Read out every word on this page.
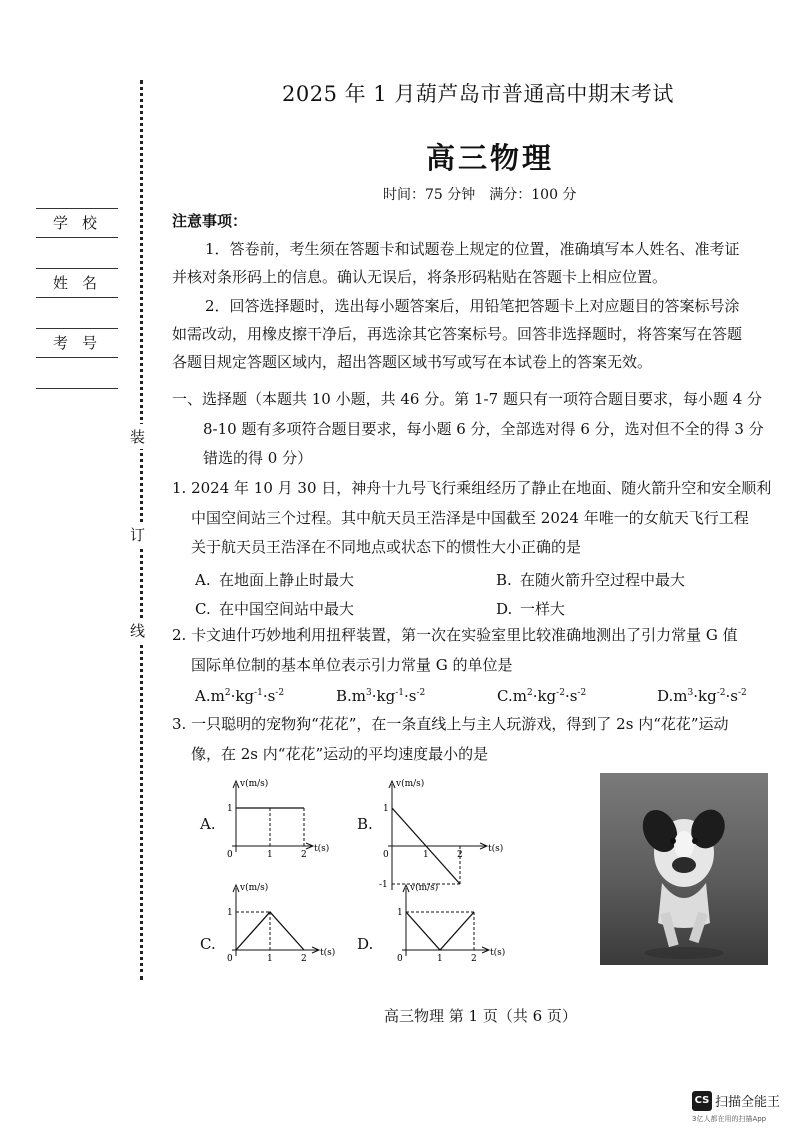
装
订
线
学校
姓名
考号
2025 年 1 月葫芦岛市普通高中期末考试
高三物理
时间：75 分钟　满分：100 分
注意事项：
1．答卷前，考生须在答题卡和试题卷上规定的位置，准确填写本人姓名、准考证
并核对条形码上的信息。确认无误后，将条形码粘贴在答题卡上相应位置。
2．回答选择题时，选出每小题答案后，用铅笔把答题卡上对应题目的答案标号涂
如需改动，用橡皮擦干净后，再选涂其它答案标号。回答非选择题时，将答案写在答题
各题目规定答题区域内，超出答题区域书写或写在本试卷上的答案无效。
一、选择题（本题共 10 小题，共 46 分。第 1-7 题只有一项符合题目要求，每小题 4 分
8-10 题有多项符合题目要求，每小题 6 分，全部选对得 6 分，选对但不全的得 3 分
错选的得 0 分）
1. 2024 年 10 月 30 日，神舟十九号飞行乘组经历了静止在地面、随火箭升空和安全顺利
中国空间站三个过程。其中航天员王浩泽是中国截至 2024 年唯一的女航天飞行工程
关于航天员王浩泽在不同地点或状态下的惯性大小正确的是
A. 在地面上静止时最大	B. 在随火箭升空过程中最大
C. 在中国空间站中最大	D. 一样大
2. 卡文迪什巧妙地利用扭秤装置，第一次在实验室里比较准确地测出了引力常量 G 值
国际单位制的基本单位表示引力常量 G 的单位是
$A.m^2\cdot kg^{-1}\cdot s^{-2}$	$B.m^3\cdot kg^{-1}\cdot s^{-2}$	$C.m^2\cdot kg^{-2}\cdot s^{-2}$	$D.m^3\cdot kg^{-2}\cdot s^{-2}$
3. 一只聪明的宠物狗“花花”，在一条直线上与主人玩游戏，得到了 2s 内“花花”运动
像，在 2s 内“花花”运动的平均速度最小的是
A.	B.
C.	D.
v(m/s)
t(s)
0	1	2
1
v(m/s)
t(s)
0	1	2
1
-1
v(m/s)
t(s)
0	1	2
1
v(m/s)
t(s)
0	1	2
1
高三物理 第 1 页（共 6 页）
CS 扫描全能王
3亿人都在用的扫描App
